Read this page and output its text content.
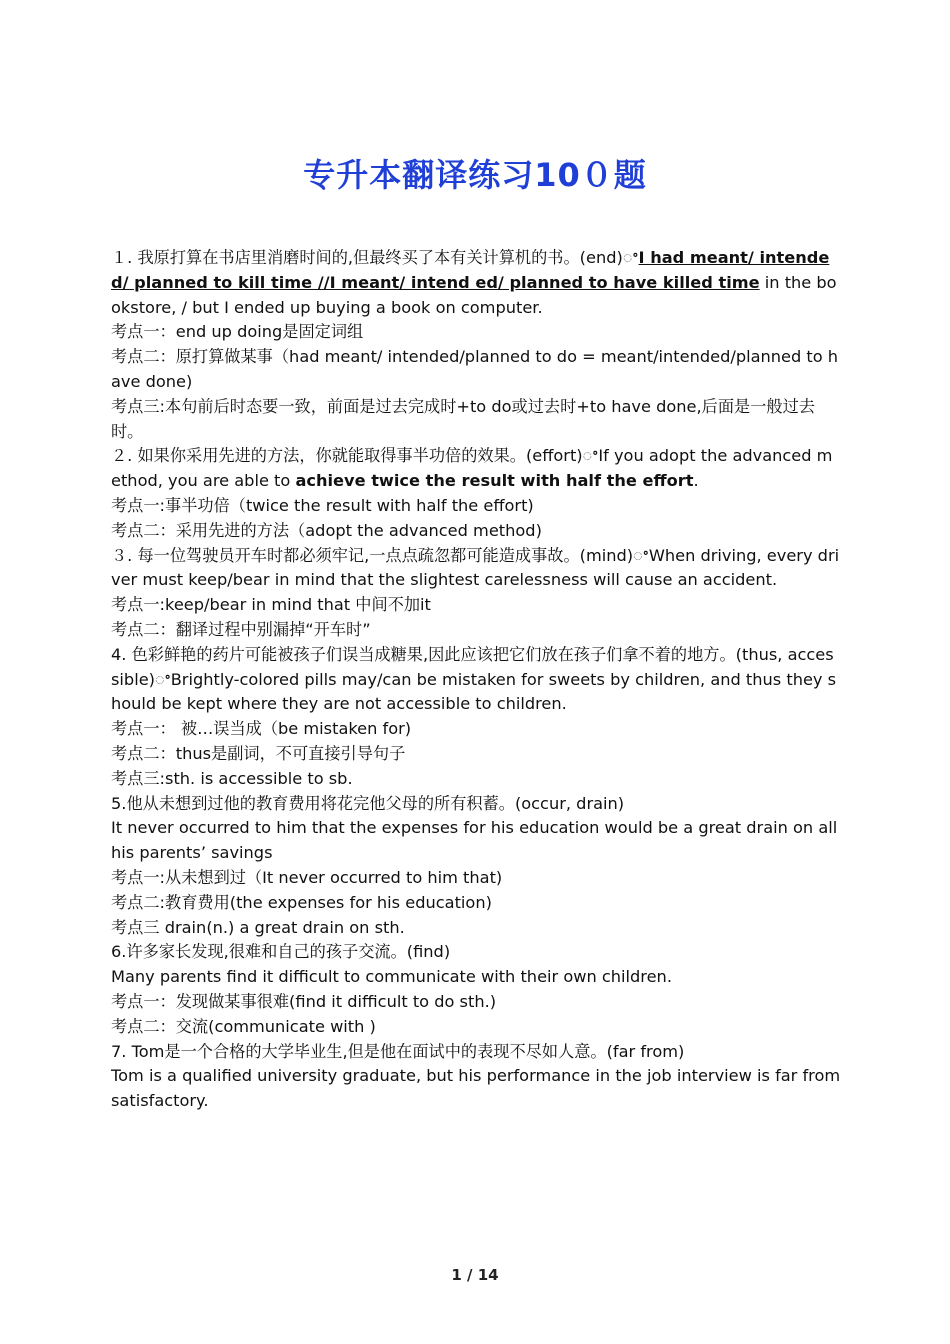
专升本翻译练习10０题

１. 我原打算在书店里消磨时间的,但最终买了本有关计算机的书。(end)ꢀI had meant/ intended/ planned to kill time //I meant/ intend ed/ planned to have killed time in the bookstore, / but I ended up buying a book on computer.

考点一：end up doing是固定词组

考点二：原打算做某事（had meant/ intended/planned to do = meant/intended/planned to have done)

考点三:本句前后时态要一致，前面是过去完成时+to do或过去时+to have done,后面是一般过去时。

２. 如果你采用先进的方法，你就能取得事半功倍的效果。(effort)ꢀIf you adopt the advanced method, you are able to achieve twice the result with half the effort.

考点一:事半功倍（twice the result with half the effort)

考点二：采用先进的方法（adopt the advanced method)

３. 每一位驾驶员开车时都必须牢记,一点点疏忽都可能造成事故。(mind)ꢀWhen driving, every driver must keep/bear in mind that the slightest carelessness will cause an accident.

考点一:keep/bear in mind that 中间不加it

考点二：翻译过程中别漏掉“开车时”

4. 色彩鲜艳的药片可能被孩子们误当成糖果,因此应该把它们放在孩子们拿不着的地方。(thus, accessible)ꢀBrightly-colored pills may/can be mistaken for sweets by children, and thus they should be kept where they are not accessible to children.

考点一： 被…误当成（be mistaken for)

考点二：thus是副词，不可直接引导句子

考点三:sth. is accessible to sb.

5.他从未想到过他的教育费用将花完他父母的所有积蓄。(occur, drain)

It never occurred to him that the expenses for his education would be a great drain on all his parents’ savings

考点一:从未想到过（It never occurred to him that)

考点二:教育费用(the expenses for his education)

考点三 drain(n.) a great drain on sth.

6.许多家长发现,很难和自己的孩子交流。(find)

Many parents find it difficult to communicate with their own children.

考点一：发现做某事很难(find it difficult to do sth.)

考点二：交流(communicate with )

7. Tom是一个合格的大学毕业生,但是他在面试中的表现不尽如人意。(far from)

Tom is a qualified university graduate, but his performance in the job interview is far from satisfactory.

1 / 14
